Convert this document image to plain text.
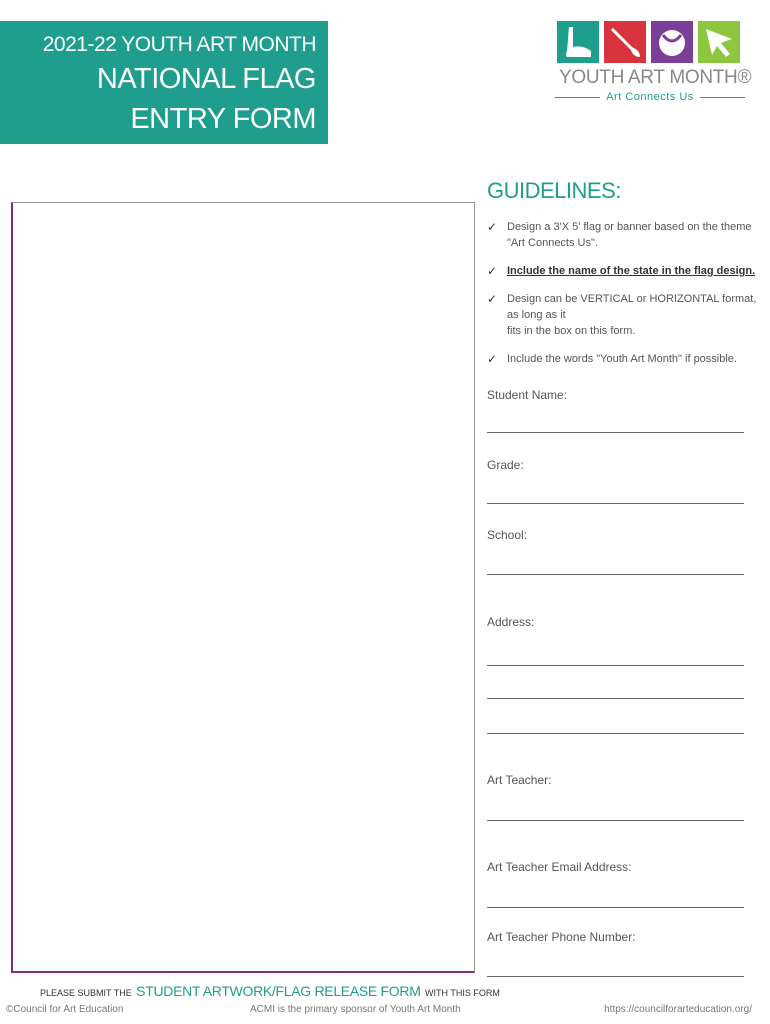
2021-22 YOUTH ART MONTH
NATIONAL FLAG
ENTRY FORM
YOUTH ART MONTH®
Art Connects Us
GUIDELINES:
✓ Design a 3'X 5' flag or banner based on the theme
"Art Connects Us".
✓ Include the name of the state in the flag design.
✓ Design can be VERTICAL or HORIZONTAL format, as long as it
fits in the box on this form.
✓ Include the words "Youth Art Month" if possible.
Student Name:
Grade:
School:
Address:
Art Teacher:
Art Teacher Email Address:
Art Teacher Phone Number:
PLEASE SUBMIT THE STUDENT ARTWORK/FLAG RELEASE FORM WITH THIS FORM
©Council for Art Education	ACMI is the primary sponsor of Youth Art Month	https://councilforarteducation.org/
